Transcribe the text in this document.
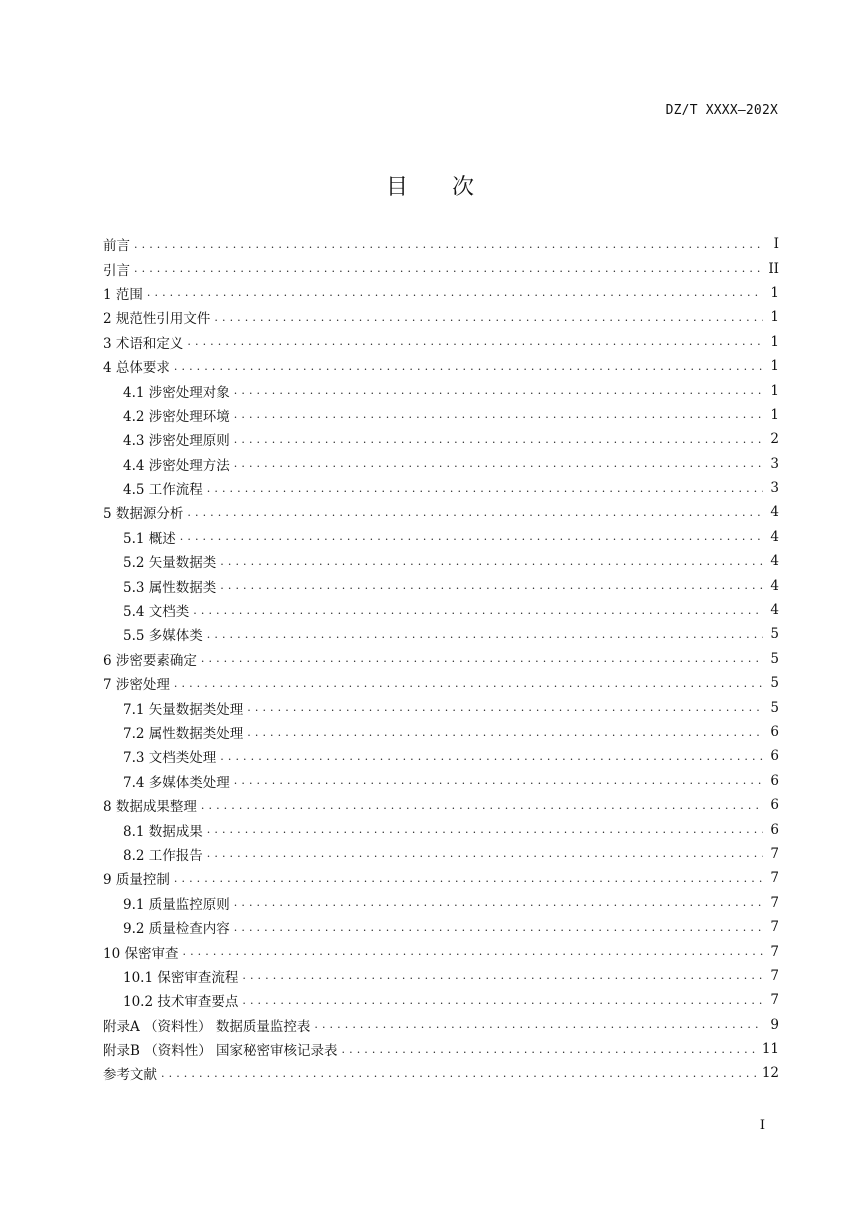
DZ/T XXXX—202X
目次
前言 .....	I
引言 .....	II
1 范围 .....	1
2 规范性引用文件 .....	1
3 术语和定义 .....	1
4 总体要求 .....	1
4.1 涉密处理对象 .....	1
4.2 涉密处理环境 .....	1
4.3 涉密处理原则 .....	2
4.4 涉密处理方法 .....	3
4.5 工作流程 .....	3
5 数据源分析 .....	4
5.1 概述 .....	4
5.2 矢量数据类 .....	4
5.3 属性数据类 .....	4
5.4 文档类 .....	4
5.5 多媒体类 .....	5
6 涉密要素确定 .....	5
7 涉密处理 .....	5
7.1 矢量数据类处理 .....	5
7.2 属性数据类处理 .....	6
7.3 文档类处理 .....	6
7.4 多媒体类处理 .....	6
8 数据成果整理 .....	6
8.1 数据成果 .....	6
8.2 工作报告 .....	7
9 质量控制 .....	7
9.1 质量监控原则 .....	7
9.2 质量检查内容 .....	7
10 保密审查 .....	7
10.1 保密审查流程 .....	7
10.2 技术审查要点 .....	7
附录A （资料性） 数据质量监控表 .....	9
附录B （资料性） 国家秘密审核记录表 .....	11
参考文献 .....	12
I
